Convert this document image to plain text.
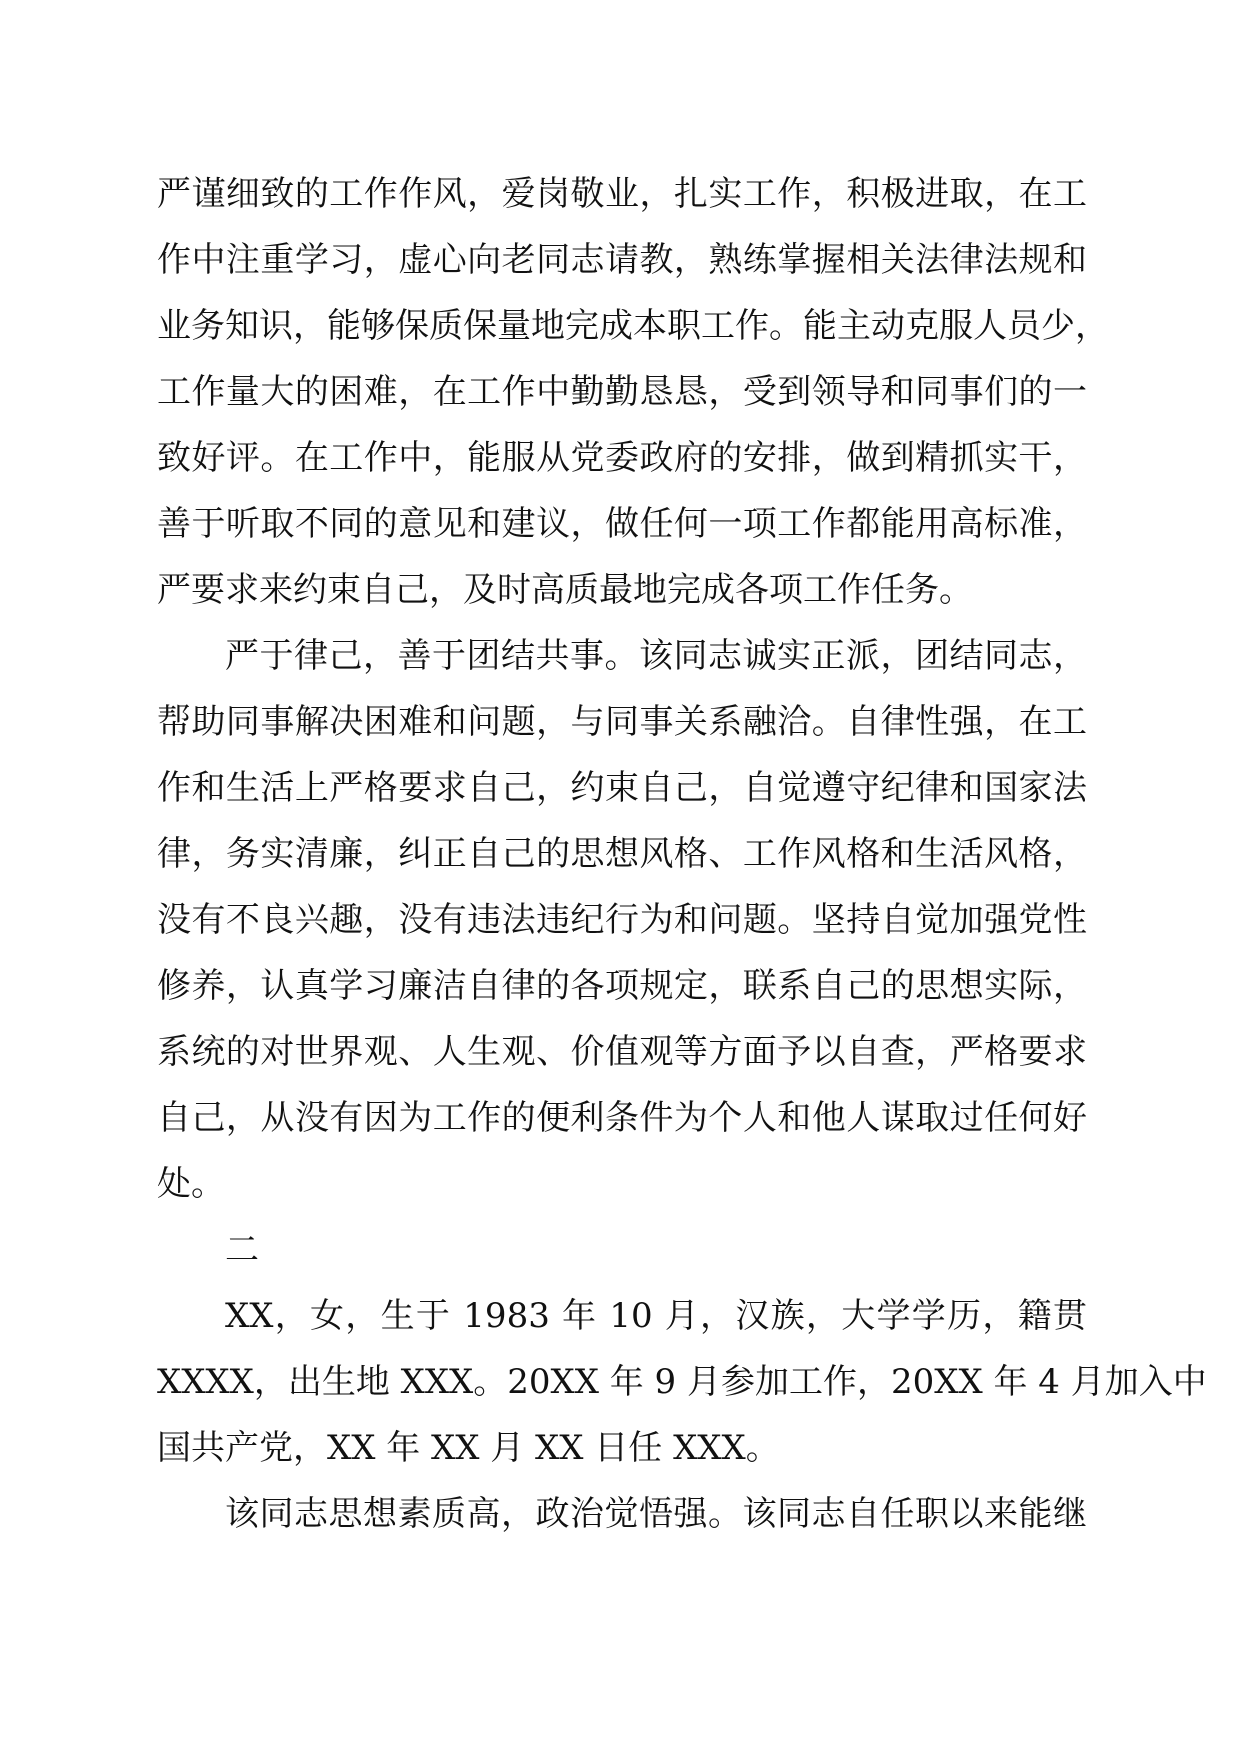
严谨细致的工作作风，爱岗敬业，扎实工作，积极进取，在工
作中注重学习，虚心向老同志请教，熟练掌握相关法律法规和
业务知识，能够保质保量地完成本职工作。能主动克服人员少，
工作量大的困难，在工作中勤勤恳恳，受到领导和同事们的一
致好评。在工作中，能服从党委政府的安排，做到精抓实干，
善于听取不同的意见和建议，做任何一项工作都能用高标准，
严要求来约束自己，及时高质最地完成各项工作任务。
严于律己，善于团结共事。该同志诚实正派，团结同志，
帮助同事解决困难和问题，与同事关系融洽。自律性强，在工
作和生活上严格要求自己，约束自己，自觉遵守纪律和国家法
律，务实清廉，纠正自己的思想风格、工作风格和生活风格，
没有不良兴趣，没有违法违纪行为和问题。坚持自觉加强党性
修养，认真学习廉洁自律的各项规定，联系自己的思想实际，
系统的对世界观、人生观、价值观等方面予以自查，严格要求
自己，从没有因为工作的便利条件为个人和他人谋取过任何好
处。
二
XX，女，生于 1983 年 10 月，汉族，大学学历，籍贯
XXXX，出生地 XXX。20XX 年 9 月参加工作，20XX 年 4 月加入中
国共产党，XX 年 XX 月 XX 日任 XXX。
该同志思想素质高，政治觉悟强。该同志自任职以来能继
